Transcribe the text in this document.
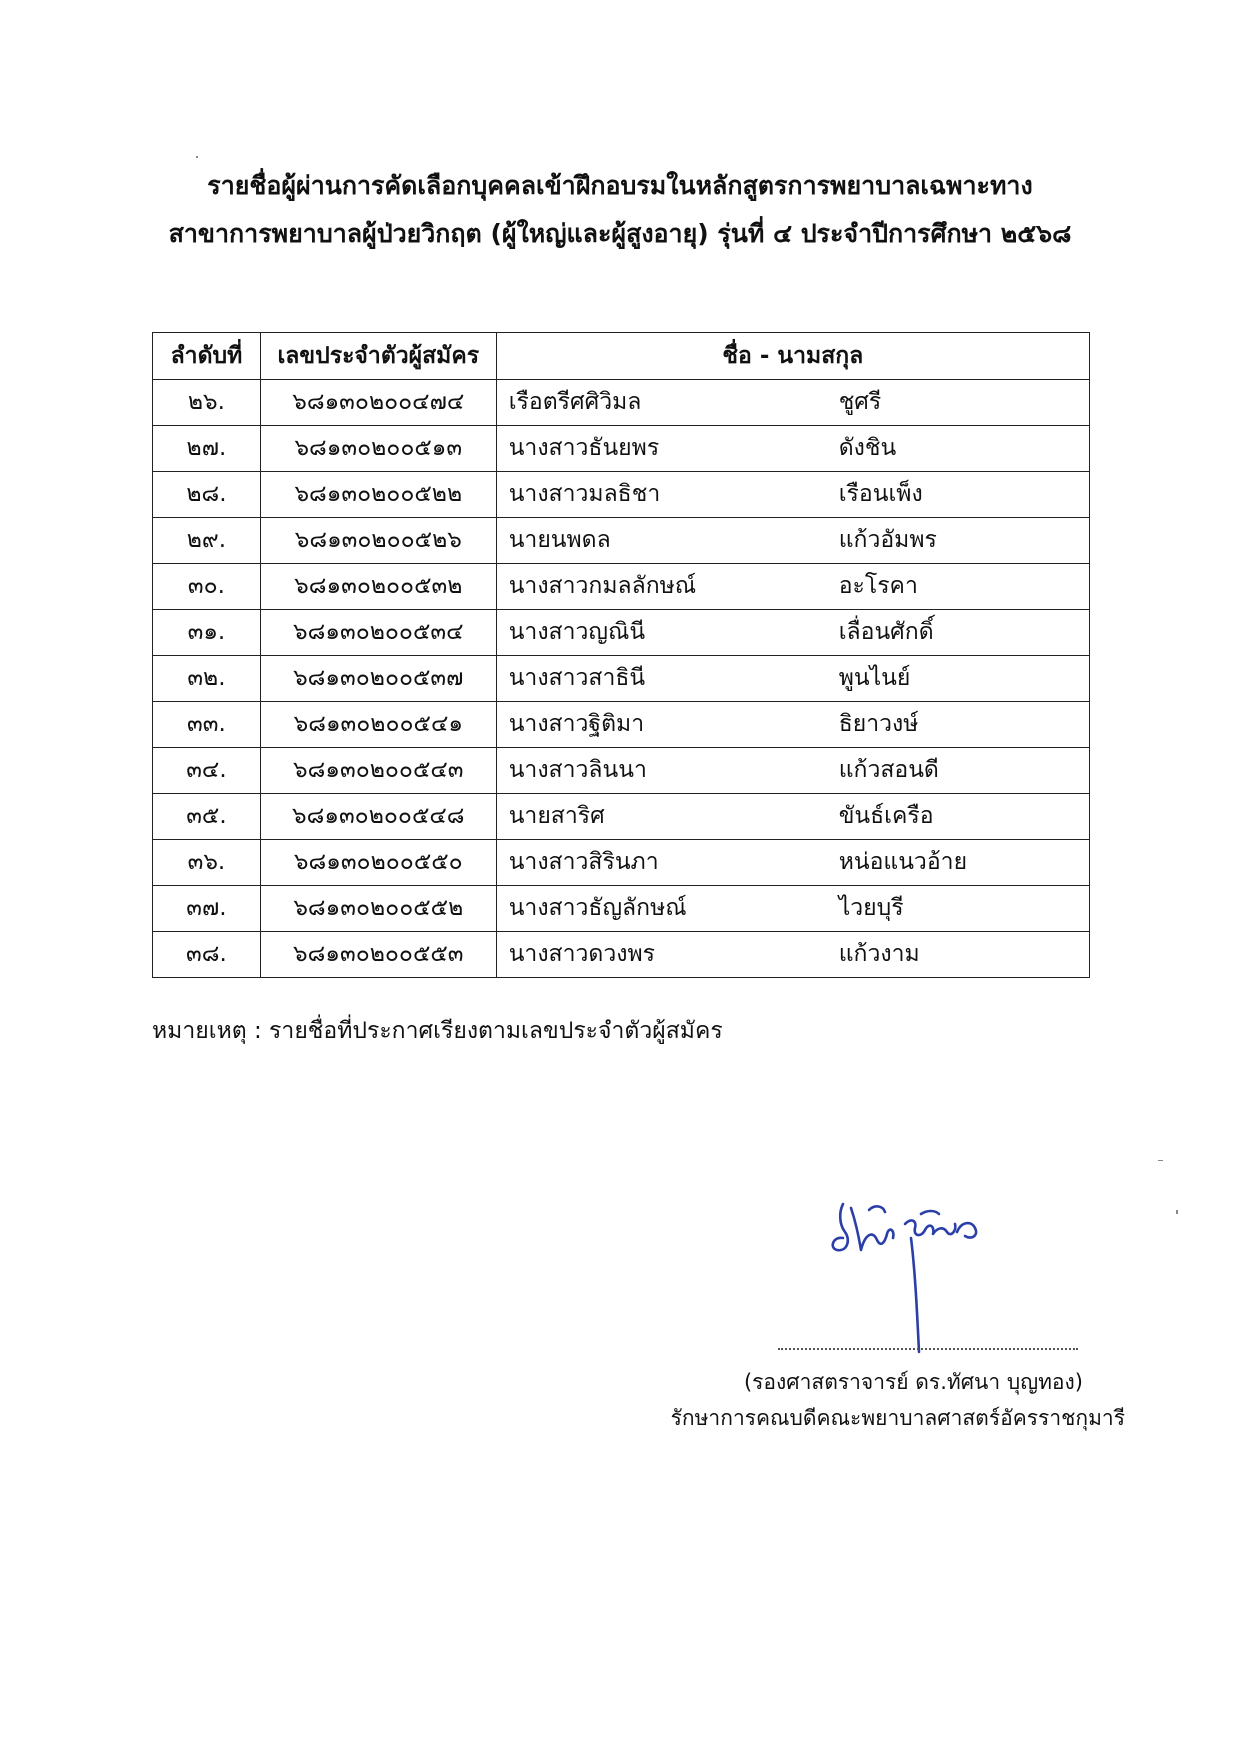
รายชื่อผู้ผ่านการคัดเลือกบุคคลเข้าฝึกอบรมในหลักสูตรการพยาบาลเฉพาะทาง
สาขาการพยาบาลผู้ป่วยวิกฤต (ผู้ใหญ่และผู้สูงอายุ) รุ่นที่ ๔ ประจำปีการศึกษา ๒๕๖๘
ลำดับที่	เลขประจำตัวผู้สมัคร	ชื่อ - นามสกุล
๒๖.	๖๘๑๓๐๒๐๐๔๗๔	เรือตรีศศิวิมล ชูศรี
๒๗.	๖๘๑๓๐๒๐๐๕๑๓	นางสาวธันยพร ดังชิน
๒๘.	๖๘๑๓๐๒๐๐๕๒๒	นางสาวมลธิชา เรือนเพ็ง
๒๙.	๖๘๑๓๐๒๐๐๕๒๖	นายนพดล แก้วอัมพร
๓๐.	๖๘๑๓๐๒๐๐๕๓๒	นางสาวกมลลักษณ์ อะโรคา
๓๑.	๖๘๑๓๐๒๐๐๕๓๔	นางสาวญณินี เลื่อนศักดิ์
๓๒.	๖๘๑๓๐๒๐๐๕๓๗	นางสาวสาธินี พูนไนย์
๓๓.	๖๘๑๓๐๒๐๐๕๔๑	นางสาวฐิติมา ธิยาวงษ์
๓๔.	๖๘๑๓๐๒๐๐๕๔๓	นางสาวลินนา แก้วสอนดี
๓๕.	๖๘๑๓๐๒๐๐๕๔๘	นายสาริศ ขันธ์เครือ
๓๖.	๖๘๑๓๐๒๐๐๕๕๐	นางสาวสิรินภา หน่อแนวอ้าย
๓๗.	๖๘๑๓๐๒๐๐๕๕๒	นางสาวธัญลักษณ์ ไวยบุรี
๓๘.	๖๘๑๓๐๒๐๐๕๕๓	นางสาวดวงพร แก้วงาม
หมายเหตุ : รายชื่อที่ประกาศเรียงตามเลขประจำตัวผู้สมัคร
(รองศาสตราจารย์ ดร.ทัศนา บุญทอง)
รักษาการคณบดีคณะพยาบาลศาสตร์อัครราชกุมารี
